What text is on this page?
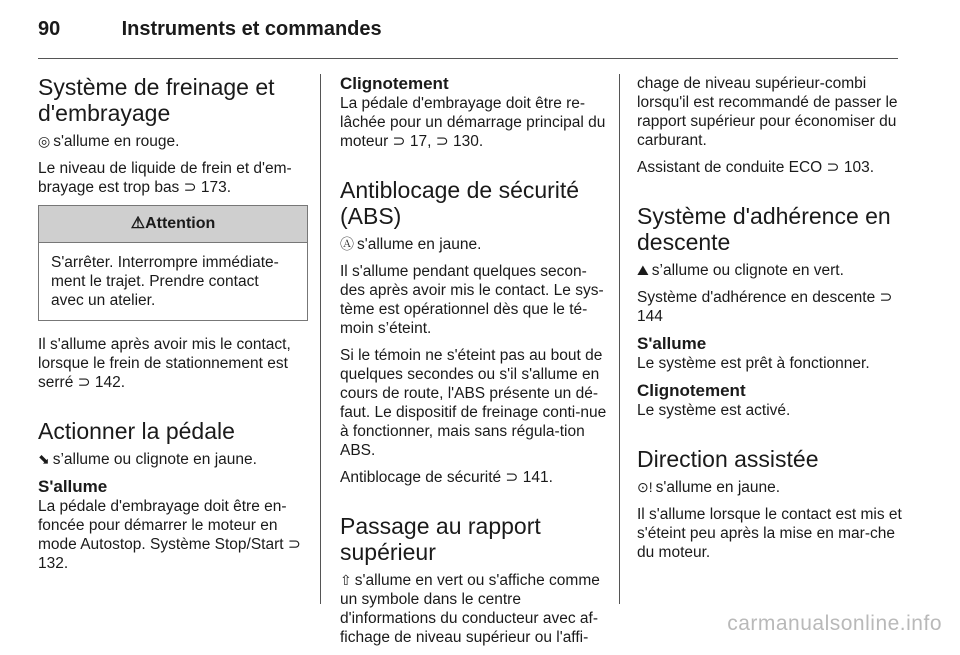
90	Instruments et commandes
Système de freinage et d'embrayage

◎ s'allume en rouge.

Le niveau de liquide de frein et d'em-brayage est trop bas ⊃ 173.

⚠Attention
S'arrêter. Interrompre immédiate-ment le trajet. Prendre contact avec un atelier.

Il s'allume après avoir mis le contact, lorsque le frein de stationnement est serré ⊃ 142.

Actionner la pédale

⬊ s’allume ou clignote en jaune.

S'allume

La pédale d'embrayage doit être en-foncée pour démarrer le moteur en mode Autostop. Système Stop/Start ⊃ 132.

Clignotement

La pédale d'embrayage doit être re-lâchée pour un démarrage principal du moteur ⊃ 17, ⊃ 130.

Antiblocage de sécurité (ABS)

Ⓐ s'allume en jaune.

Il s'allume pendant quelques secon-des après avoir mis le contact. Le sys-tème est opérationnel dès que le té-moin s’éteint.

Si le témoin ne s'éteint pas au bout de quelques secondes ou s'il s'allume en cours de route, l'ABS présente un dé-faut. Le dispositif de freinage conti-nue à fonctionner, mais sans régula-tion ABS.

Antiblocage de sécurité ⊃ 141.

Passage au rapport supérieur

⇧ s'allume en vert ou s'affiche comme un symbole dans le centre d'informations du conducteur avec af-fichage de niveau supérieur ou l'affi-

chage de niveau supérieur-combi lorsqu'il est recommandé de passer le rapport supérieur pour économiser du carburant.

Assistant de conduite ECO ⊃ 103.

Système d'adhérence en descente

⛰ s’allume ou clignote en vert.

Système d'adhérence en descente ⊃ 144

S'allume

Le système est prêt à fonctionner.

Clignotement

Le système est activé.

Direction assistée

⊙! s'allume en jaune.

Il s'allume lorsque le contact est mis et s'éteint peu après la mise en mar-che du moteur.

carmanualsonline.info
